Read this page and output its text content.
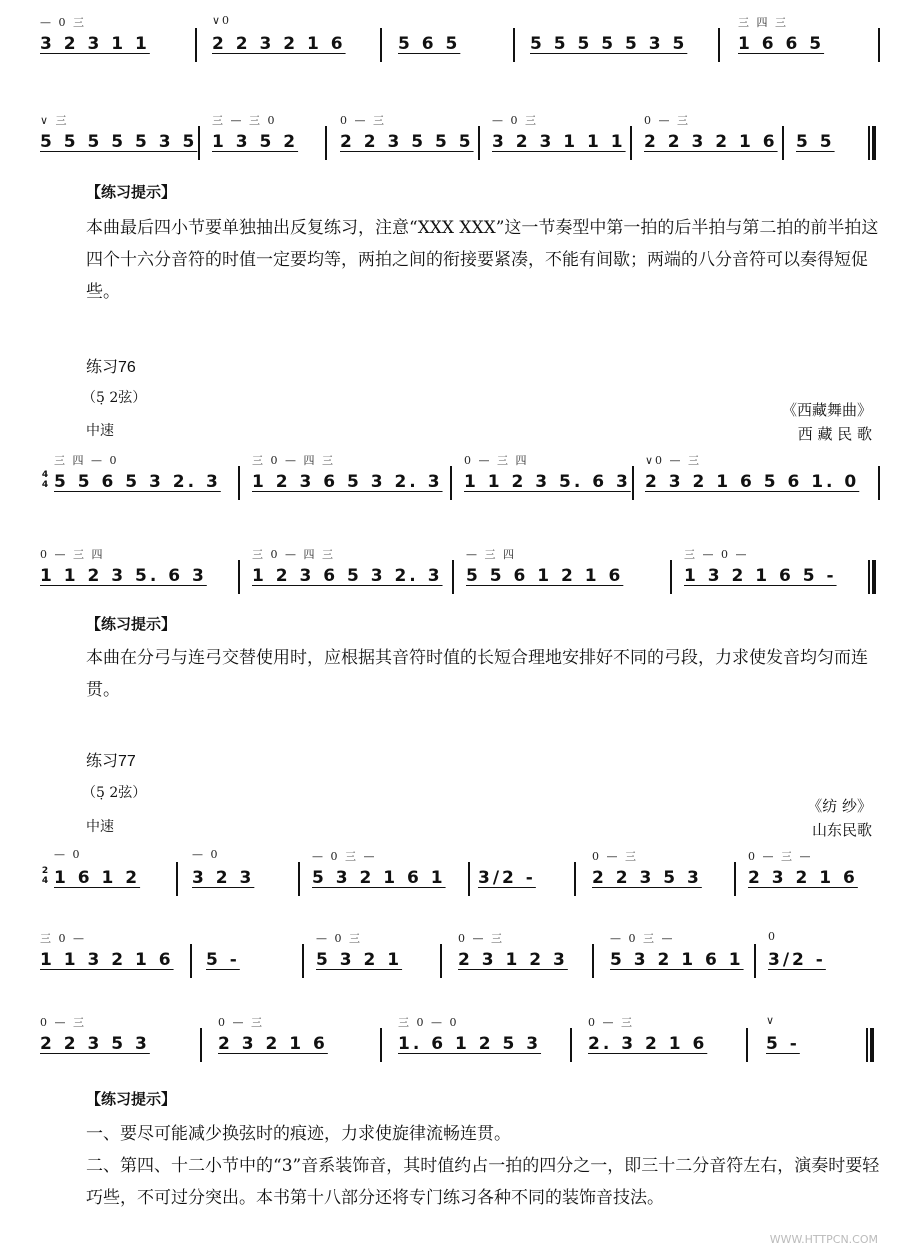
— 0 三
3 2 3 1 1
∨0
2 2 3 2 1 6	5 6 5	5 5 5 5 5 3 5
三 四 三
1 6 6 5
∨ 三
5 5 5 5 5 3 5
三 — 三 0
1 3 5 2
0 — 三
2 2 3 5 5 5
— 0 三
3 2 3 1 1 1
0 — 三
2 2 3 2 1 6 5 5
【练习提示】
本曲最后四小节要单独抽出反复练习，注意“XXX XXX”这一节奏型中第一拍的后半拍与第二拍的前半拍这四个十六分音符的时值一定要均等，两拍之间的衔接要紧凑，不能有间歇；两端的八分音符可以奏得短促些。
练习76
（5̣ 2弦）
中速
《西藏舞曲》
西 藏 民 歌
4
4
三 四 — 0
5 5 6 5 3 2. 3
三 0 — 四 三
1 2 3 6 5 3 2. 3
0 — 三 四
1 1 2 3 5. 6 3
∨0 — 三
2 3 2 1 6 5 6 1. 0
0 — 三 四
1 1 2 3 5. 6 3
三 0 — 四 三
1 2 3 6 5 3 2. 3
— 三 四
5 5 6 1 2 1 6
三 — 0 —
1 3 2 1 6 5 -
【练习提示】
本曲在分弓与连弓交替使用时，应根据其音符时值的长短合理地安排好不同的弓段，力求使发音均匀而连贯。
练习77
（5̣ 2弦）
中速
《纺 纱》
山东民歌
2
4
— 0
1 6 1 2
— 0
3 2 3
— 0 三 —
5 3 2 1 6 1 3/2 -
0 — 三
2 2 3 5 3
0 — 三 —
2 3 2 1 6
三 0 —
1 1 3 2 1 6 5 -
— 0 三
5 3 2 1
0 — 三
2 3 1 2 3
— 0 三 —
5 3 2 1 6 1
0
3/2 -
0 — 三
2 2 3 5 3
0 — 三
2 3 2 1 6
三 0 — 0
1. 6 1 2 5 3
0 — 三
2. 3 2 1 6
∨
5 -
【练习提示】
一、要尽可能减少换弦时的痕迹，力求使旋律流畅连贯。
二、第四、十二小节中的“3”音系装饰音，其时值约占一拍的四分之一，即三十二分音符左右，演奏时要轻巧些，不可过分突出。本书第十八部分还将专门练习各种不同的装饰音技法。
WWW.HTTPCN.COM
